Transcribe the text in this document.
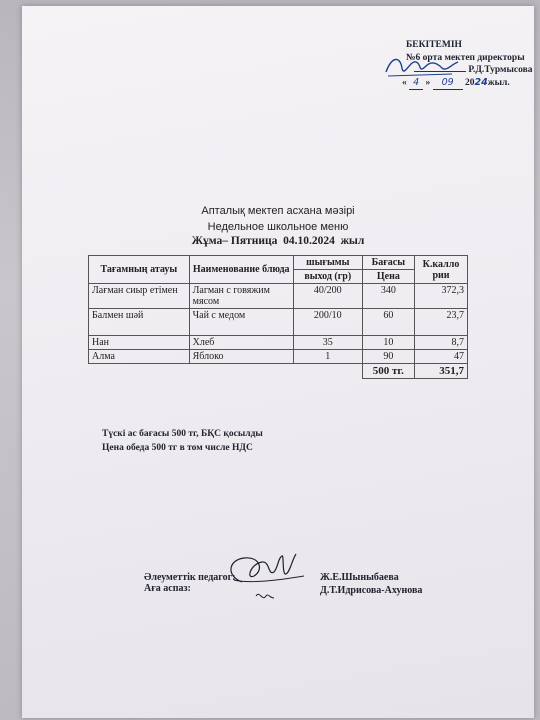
БЕКІТЕМІН
№6 орта мектеп директоры
Р.Д.Турмысова
« 4 » 09 2024жыл.
Апталық мектеп асхана мәзірі
Недельное школьное меню
Жұма– Пятница 04.10.2024 жыл
Тағамның атауы	Наименование блюда	шығымы	Бағасы	К.калло рии
		выход (гр)	Цена	
Лағман сиыр етімен	Лагман с говяжим мясом	40/200	340	372,3
Балмен шәй	Чай с медом	200/10	60	23,7
Нан	Хлеб	35	10	8,7
Алма	Яблоко	1	90	47
			500 тг.	351,7
Түскі ас бағасы 500 тг, БҚС қосылды
Цена обеда 500 тг в том числе НДС
Әлеуметтік педагог:
Аға аспаз:
Ж.Е.Шыныбаева
Д.Т.Идрисова-Ахунова
